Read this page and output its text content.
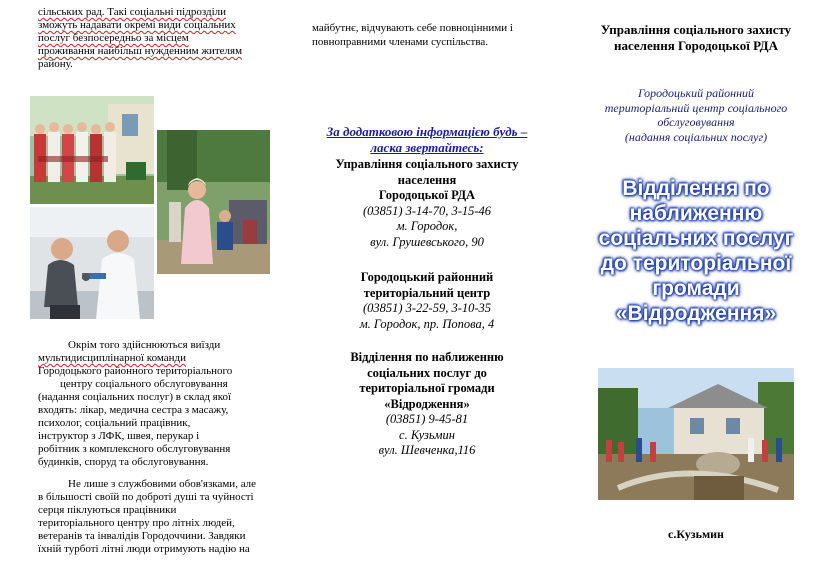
сільських рад. Такі соціальні підрозділи
зможуть надавати окремі види соціальних
послуг безпосередньо за місцем
проживання найбільш нужденним жителям
району.
Окрім того здійснюються виїзди
мультидисциплінарної команди
Городоцького районного територіального
центру соціального обслуговування
(надання соціальних послуг) в склад якої
входять: лікар, медична сестра з масажу,
психолог, соціальний працівник,
інструктор з ЛФК, швея, перукар і
робітник з комплексного обслуговування
будинків, споруд та обслуговування.
Не лише з службовими обов'язками, але
в більшості своїй по доброті душі та чуйності
серця піклуються працівники
територіального центру про літніх людей,
ветеранів та інвалідів Городоччини. Завдяки
їхній турботі літні люди отримують надію на
майбутнє, відчувають себе повноцінними і
повноправними членами суспільства.
За додатковою інформацією будь –
ласка звертайтесь:
Управління соціального захисту
населення
Городоцької РДА
(03851) 3-14-70, 3-15-46
м. Городок,
вул. Грушевського, 90
Городоцький районний
територіальний центр
(03851) 3-22-59, 3-10-35
м. Городок, пр. Попова, 4
Відділення по наближенню
соціальних послуг до
територіальної громади
«Відродження»
(03851) 9-45-81
с. Кузьмин
вул. Шевченка,116
Управління соціального захисту
населення Городоцької РДА
Городоцький районний
територіальний центр соціального
обслуговування
(надання соціальних послуг)
Відділення по
наближенню
соціальних послуг
до територіальної
громади
«Відродження»
с.Кузьмин
